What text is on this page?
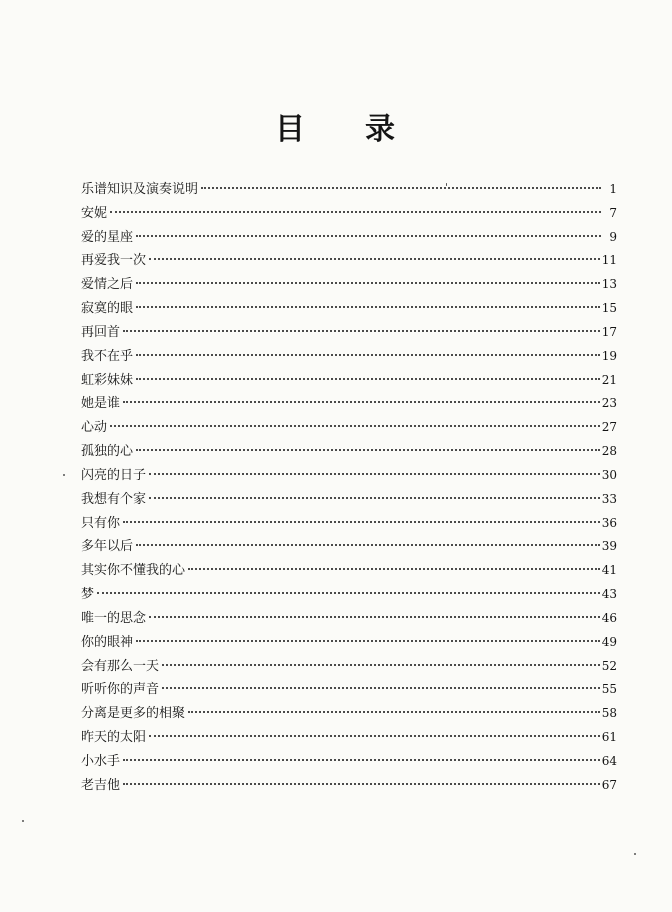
目 录
乐谱知识及演奏说明	1
安妮	7
爱的星座	9
再爱我一次	11
爱情之后	13
寂寞的眼	15
再回首	17
我不在乎	19
虹彩妹妹	21
她是谁	23
心动	27
孤独的心	28
闪亮的日子	30
我想有个家	33
只有你	36
多年以后	39
其实你不懂我的心	41
梦	43
唯一的思念	46
你的眼神	49
会有那么一天	52
听听你的声音	55
分离是更多的相聚	58
昨天的太阳	61
小水手	64
老吉他	67
